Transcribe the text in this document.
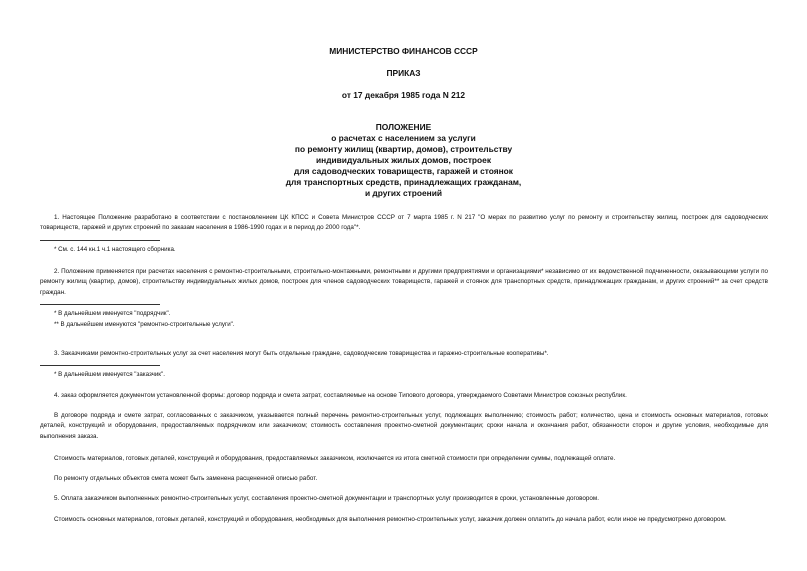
МИНИСТЕРСТВО ФИНАНСОВ СССР
ПРИКАЗ
от 17 декабря 1985 года N 212
ПОЛОЖЕНИЕ
о расчетах с населением за услуги
по ремонту жилищ (квартир, домов), строительству
индивидуальных жилых домов, построек
для садоводческих товариществ, гаражей и стоянок
для транспортных средств, принадлежащих гражданам,
и других строений
1. Настоящее Положение разработано в соответствии с постановлением ЦК КПСС и Совета Министров СССР от 7 марта 1985 г. N 217 "О мерах по развитию услуг по ремонту и строительству жилищ, построек для садоводческих товариществ, гаражей и других строений по заказам населения в 1986-1990 годах и в период до 2000 года"*.
* См. с. 144 кн.1 ч.1 настоящего сборника.
2. Положение применяется при расчетах населения с ремонтно-строительными, строительно-монтажными, ремонтными и другими предприятиями и организациями* независимо от их ведомственной подчиненности, оказывающими услуги по ремонту жилищ (квартир, домов), строительству индивидуальных жилых домов, построек для членов садоводческих товариществ, гаражей и стоянок для транспортных средств, принадлежащих гражданам, и других строений** за счет средств граждан.
* В дальнейшем именуется "подрядчик".
** В дальнейшем именуются "ремонтно-строительные услуги".
3. Заказчиками ремонтно-строительных услуг за счет населения могут быть отдельные граждане, садоводческие товарищества и гаражно-строительные кооперативы*.
* В дальнейшем именуется "заказчик".
4. заказ оформляется документом установленной формы: договор подряда и смета затрат, составляемые на основе Типового договора, утверждаемого Советами Министров союзных республик.
В договоре подряда и смете затрат, согласованных с заказчиком, указывается полный перечень ремонтно-строительных услуг, подлежащих выполнению; стоимость работ; количество, цена и стоимость основных материалов, готовых деталей, конструкций и оборудования, предоставляемых подрядчиком или заказчиком; стоимость составления проектно-сметной документации; сроки начала и окончания работ, обязанности сторон и другие условия, необходимые для выполнения заказа.
Стоимость материалов, готовых деталей, конструкций и оборудования, предоставляемых заказчиком, исключается из итога сметной стоимости при определении суммы, подлежащей оплате.
По ремонту отдельных объектов смета может быть заменена расцененной описью работ.
5. Оплата заказчиком выполненных ремонтно-строительных услуг, составления проектно-сметной документации и транспортных услуг производится в сроки, установленные договором.
Стоимость основных материалов, готовых деталей, конструкций и оборудования, необходимых для выполнения ремонтно-строительных услуг, заказчик должен оплатить до начала работ, если иное не предусмотрено договором.
